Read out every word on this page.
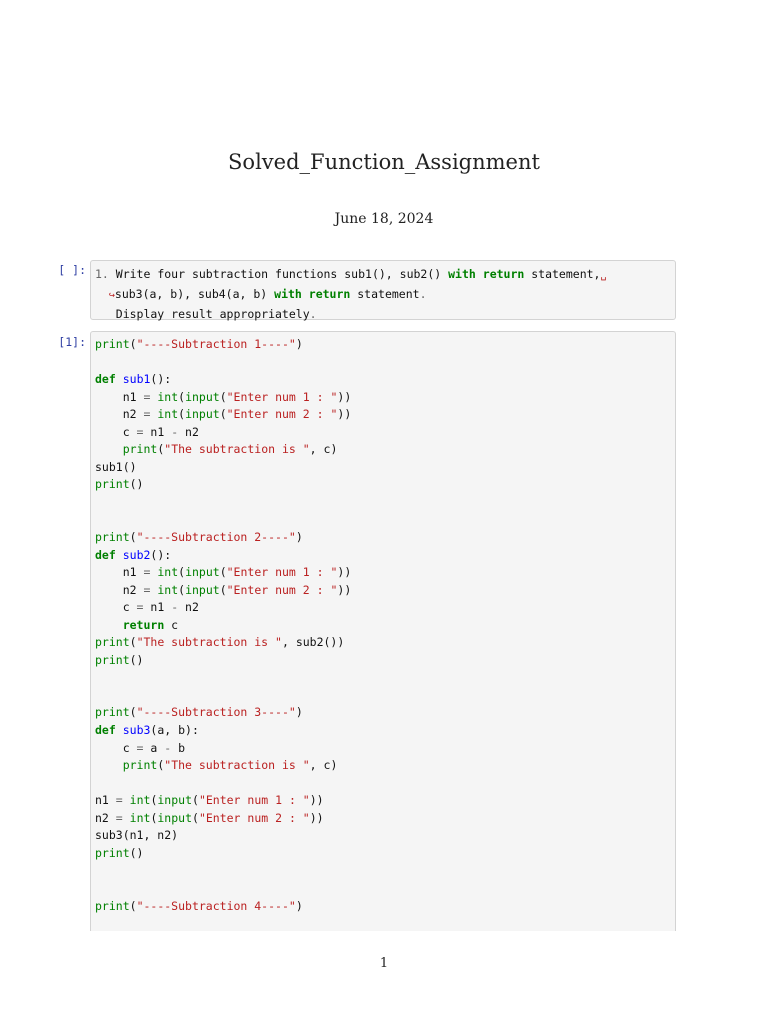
Solved_Function_Assignment
June 18, 2024
[ ]: 1. Write four subtraction functions sub1(), sub2() with return statement,␣
↪sub3(a, b), sub4(a, b) with return statement.
Display result appropriately.
[1]: print("----Subtraction 1----")

def sub1():
n1 = int(input("Enter num 1 : "))
n2 = int(input("Enter num 2 : "))
c = n1 - n2
print("The subtraction is ", c)
sub1()
print()

print("----Subtraction 2----")
def sub2():
n1 = int(input("Enter num 1 : "))
n2 = int(input("Enter num 2 : "))
c = n1 - n2
return c
print("The subtraction is ", sub2())
print()

print("----Subtraction 3----")
def sub3(a, b):
c = a - b
print("The subtraction is ", c)

n1 = int(input("Enter num 1 : "))
n2 = int(input("Enter num 2 : "))
sub3(n1, n2)
print()

print("----Subtraction 4----")
1
